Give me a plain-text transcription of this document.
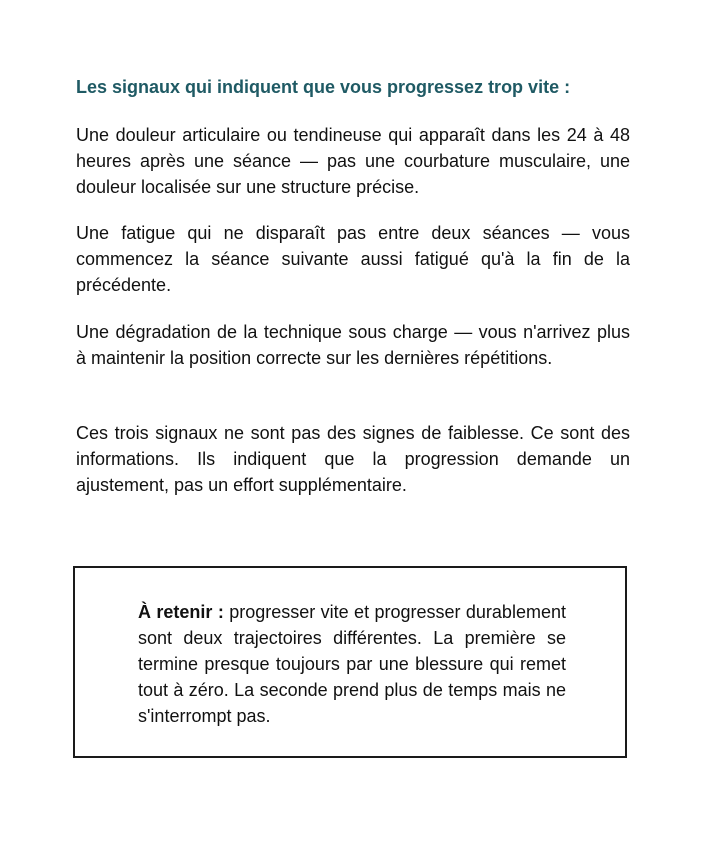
Les signaux qui indiquent que vous progressez trop vite :

Une douleur articulaire ou tendineuse qui apparaît dans les 24 à 48 heures après une séance — pas une courbature musculaire, une douleur localisée sur une structure précise.

Une fatigue qui ne disparaît pas entre deux séances — vous commencez la séance suivante aussi fatigué qu'à la fin de la précédente.

Une dégradation de la technique sous charge — vous n'arrivez plus à maintenir la position correcte sur les dernières répétitions.

Ces trois signaux ne sont pas des signes de faiblesse. Ce sont des informations. Ils indiquent que la progression demande un ajustement, pas un effort supplémentaire.

À retenir : progresser vite et progresser durablement sont deux trajectoires différentes. La première se termine presque toujours par une blessure qui remet tout à zéro. La seconde prend plus de temps mais ne s'interrompt pas.
